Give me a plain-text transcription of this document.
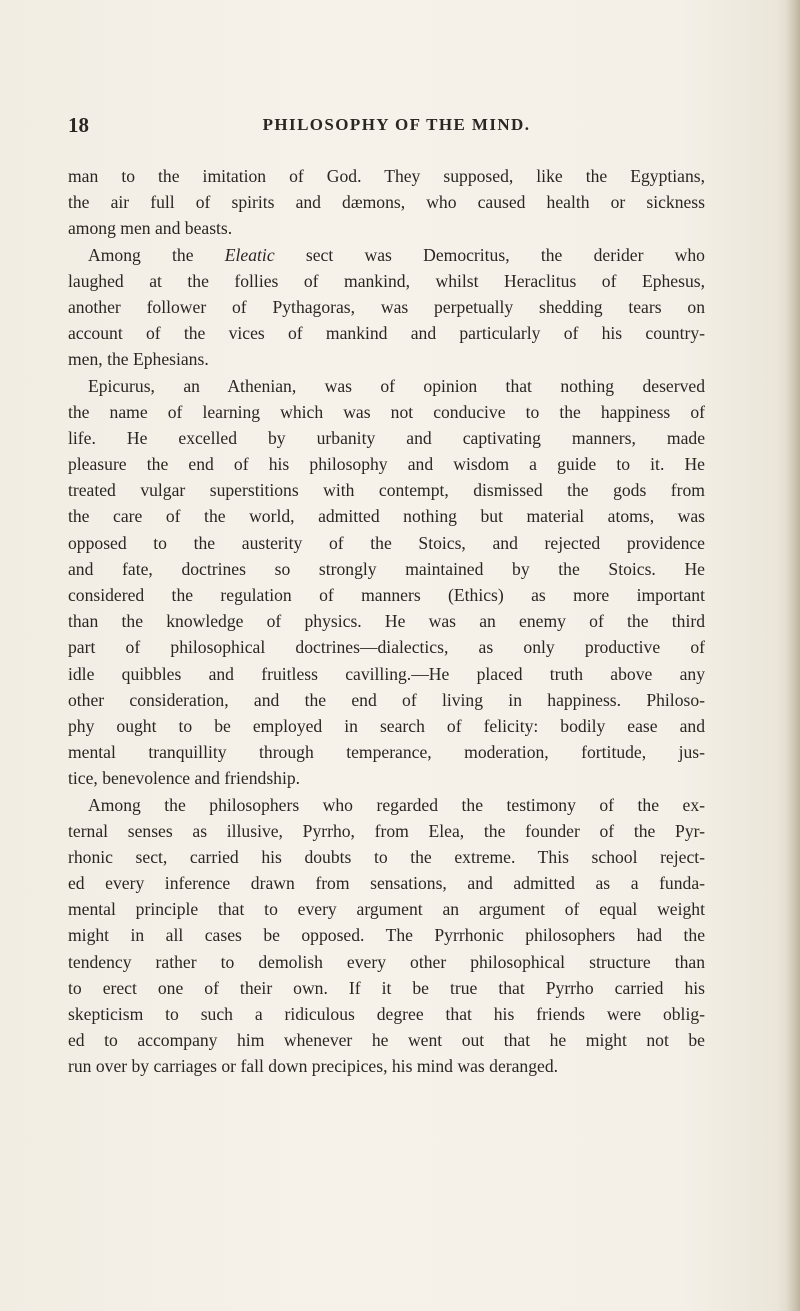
18	PHILOSOPHY OF THE MIND.
man to the imitation of God. They supposed, like the Egyptians,
the air full of spirits and dæmons, who caused health or sickness
among men and beasts.
Among the Eleatic sect was Democritus, the derider who
laughed at the follies of mankind, whilst Heraclitus of Ephesus,
another follower of Pythagoras, was perpetually shedding tears on
account of the vices of mankind and particularly of his country-
men, the Ephesians.
Epicurus, an Athenian, was of opinion that nothing deserved
the name of learning which was not conducive to the happiness of
life. He excelled by urbanity and captivating manners, made
pleasure the end of his philosophy and wisdom a guide to it. He
treated vulgar superstitions with contempt, dismissed the gods from
the care of the world, admitted nothing but material atoms, was
opposed to the austerity of the Stoics, and rejected providence
and fate, doctrines so strongly maintained by the Stoics. He
considered the regulation of manners (Ethics) as more important
than the knowledge of physics. He was an enemy of the third
part of philosophical doctrines—dialectics, as only productive of
idle quibbles and fruitless cavilling.—He placed truth above any
other consideration, and the end of living in happiness. Philoso-
phy ought to be employed in search of felicity: bodily ease and
mental tranquillity through temperance, moderation, fortitude, jus-
tice, benevolence and friendship.
Among the philosophers who regarded the testimony of the ex-
ternal senses as illusive, Pyrrho, from Elea, the founder of the Pyr-
rhonic sect, carried his doubts to the extreme. This school reject-
ed every inference drawn from sensations, and admitted as a funda-
mental principle that to every argument an argument of equal weight
might in all cases be opposed. The Pyrrhonic philosophers had the
tendency rather to demolish every other philosophical structure than
to erect one of their own. If it be true that Pyrrho carried his
skepticism to such a ridiculous degree that his friends were oblig-
ed to accompany him whenever he went out that he might not be
run over by carriages or fall down precipices, his mind was deranged.
